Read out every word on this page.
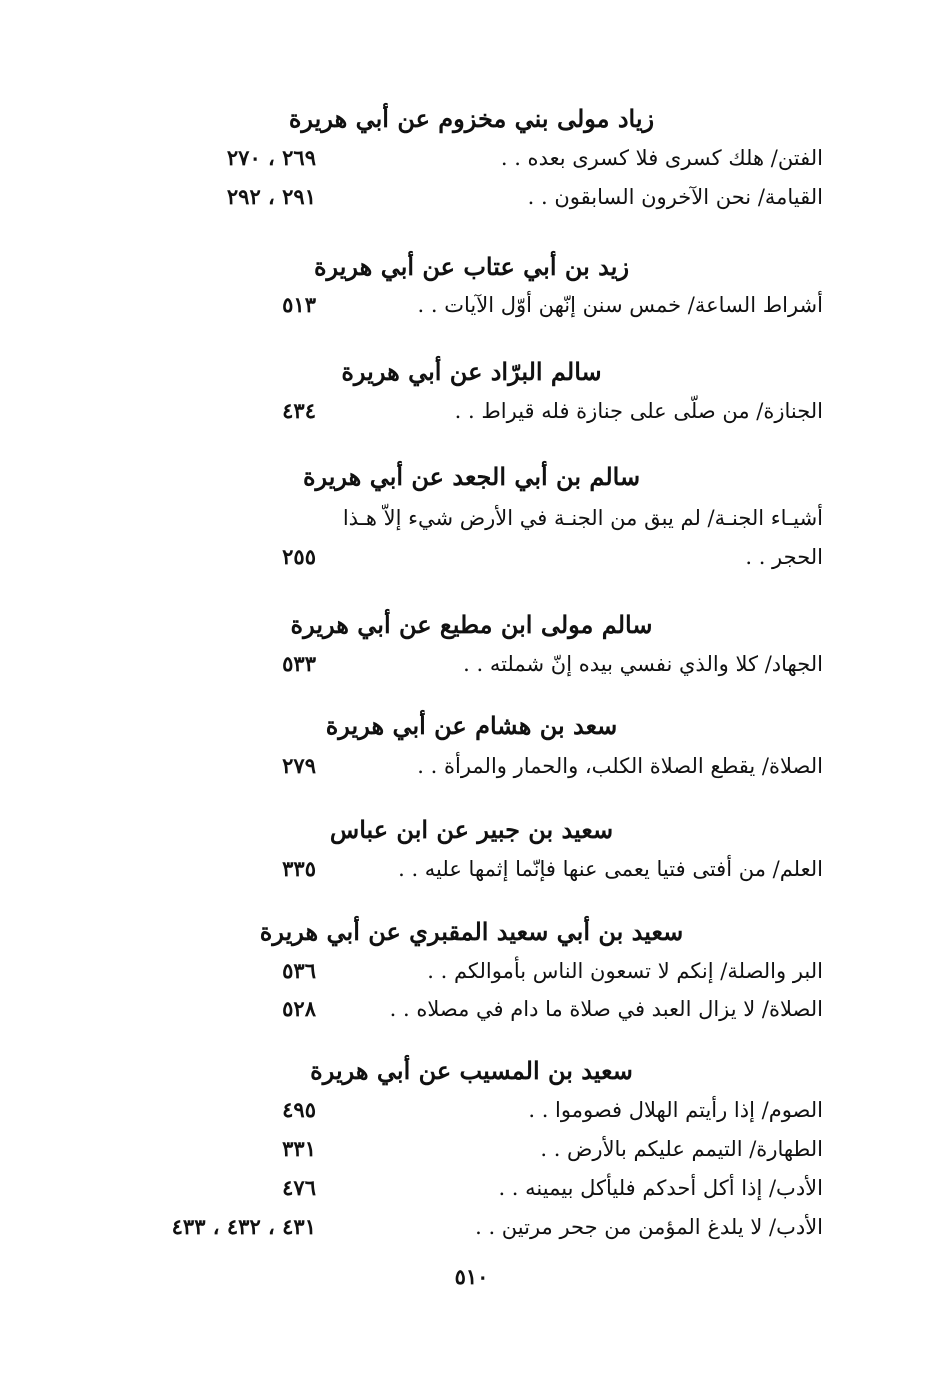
زياد مولى بني مخزوم عن أبي هريرة
الفتن/ هلك كسرى فلا كسرى بعده . .
٢٦٩ ، ٢٧٠
القيامة/ نحن الآخرون السابقون . .
٢٩١ ، ٢٩٢
زيد بن أبي عتاب عن أبي هريرة
أشراط الساعة/ خمس سنن إنّهن أوّل الآيات . .
٥١٣
سالم البرّاد عن أبي هريرة
الجنازة/ من صلّى على جنازة فله قيراط . .
٤٣٤
سالم بن أبي الجعد عن أبي هريرة
أشيـاء الجنـة/ لم يبق من الجنـة في الأرض شيء إلاّ هـذا
الحجر . .
٢٥٥
سالم مولى ابن مطيع عن أبي هريرة
الجهاد/ كلا والذي نفسي بيده إنّ شملته . .
٥٣٣
سعد بن هشام عن أبي هريرة
الصلاة/ يقطع الصلاة الكلب، والحمار والمرأة . .
٢٧٩
سعيد بن جبير عن ابن عباس
العلم/ من أفتى فتيا يعمى عنها فإنّما إثمها عليه . .
٣٣٥
سعيد بن أبي سعيد المقبري عن أبي هريرة
البر والصلة/ إنكم لا تسعون الناس بأموالكم . .
٥٣٦
الصلاة/ لا يزال العبد في صلاة ما دام في مصلاه . .
٥٢٨
سعيد بن المسيب عن أبي هريرة
الصوم/ إذا رأيتم الهلال فصوموا . .
٤٩٥
الطهارة/ التيمم عليكم بالأرض . .
٣٣١
الأدب/ إذا أكل أحدكم فليأكل بيمينه . .
٤٧٦
الأدب/ لا يلدغ المؤمن من جحر مرتين . .
٤٣١ ، ٤٣٢ ، ٤٣٣
٥١٠
